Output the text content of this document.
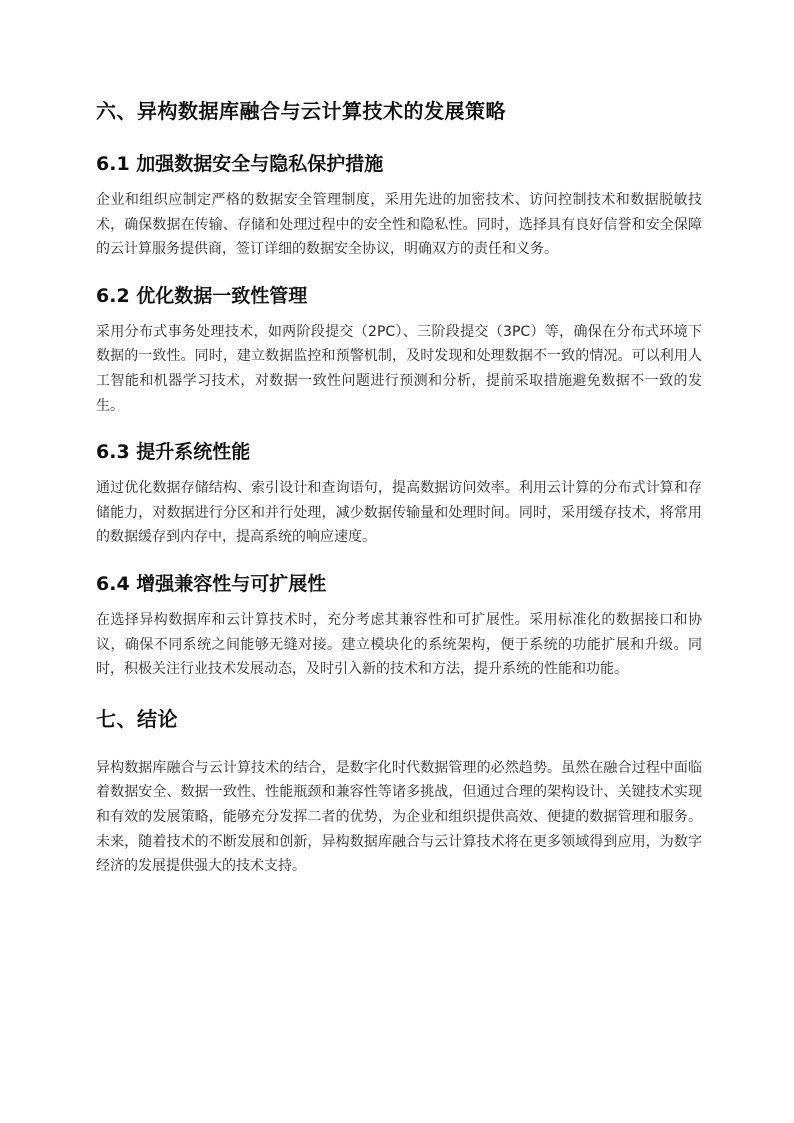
六、异构数据库融合与云计算技术的发展策略
6.1 加强数据安全与隐私保护措施

企业和组织应制定严格的数据安全管理制度，采用先进的加密技术、访问控制技术和数据脱敏技术，确保数据在传输、存储和处理过程中的安全性和隐私性。同时，选择具有良好信誉和安全保障的云计算服务提供商，签订详细的数据安全协议，明确双方的责任和义务。

6.2 优化数据一致性管理

采用分布式事务处理技术，如两阶段提交（2PC）、三阶段提交（3PC）等，确保在分布式环境下数据的一致性。同时，建立数据监控和预警机制，及时发现和处理数据不一致的情况。可以利用人工智能和机器学习技术，对数据一致性问题进行预测和分析，提前采取措施避免数据不一致的发生。

6.3 提升系统性能

通过优化数据存储结构、索引设计和查询语句，提高数据访问效率。利用云计算的分布式计算和存储能力，对数据进行分区和并行处理，减少数据传输量和处理时间。同时，采用缓存技术，将常用的数据缓存到内存中，提高系统的响应速度。

6.4 增强兼容性与可扩展性

在选择异构数据库和云计算技术时，充分考虑其兼容性和可扩展性。采用标准化的数据接口和协议，确保不同系统之间能够无缝对接。建立模块化的系统架构，便于系统的功能扩展和升级。同时，积极关注行业技术发展动态，及时引入新的技术和方法，提升系统的性能和功能。

七、结论

异构数据库融合与云计算技术的结合，是数字化时代数据管理的必然趋势。虽然在融合过程中面临着数据安全、数据一致性、性能瓶颈和兼容性等诸多挑战，但通过合理的架构设计、关键技术实现和有效的发展策略，能够充分发挥二者的优势，为企业和组织提供高效、便捷的数据管理和服务。未来，随着技术的不断发展和创新，异构数据库融合与云计算技术将在更多领域得到应用，为数字经济的发展提供强大的技术支持。
